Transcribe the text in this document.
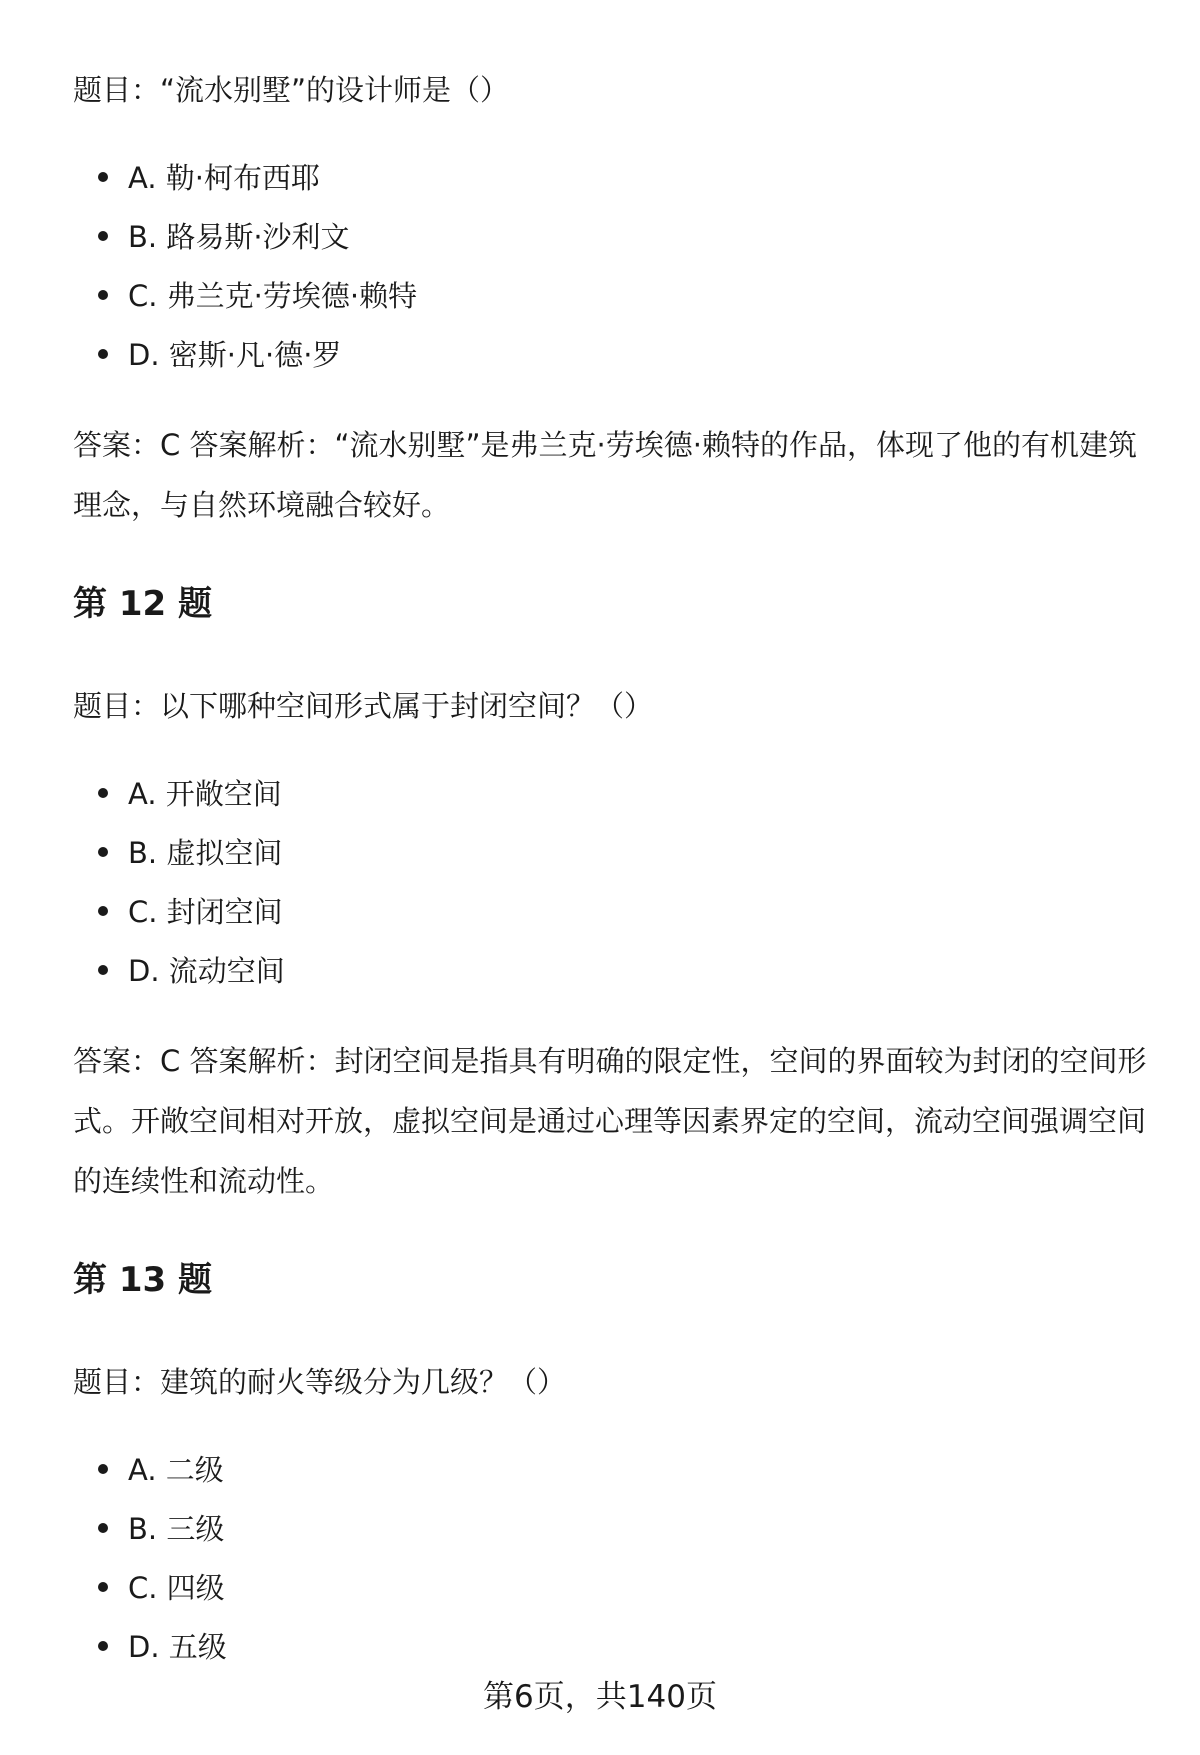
题目：“流水别墅”的设计师是（）
A. 勒·柯布西耶
B. 路易斯·沙利文
C. 弗兰克·劳埃德·赖特
D. 密斯·凡·德·罗
答案：C 答案解析：“流水别墅”是弗兰克·劳埃德·赖特的作品，体现了他的有机建筑理念，与自然环境融合较好。
第 12 题
题目：以下哪种空间形式属于封闭空间？（）
A. 开敞空间
B. 虚拟空间
C. 封闭空间
D. 流动空间
答案：C 答案解析：封闭空间是指具有明确的限定性，空间的界面较为封闭的空间形式。开敞空间相对开放，虚拟空间是通过心理等因素界定的空间，流动空间强调空间的连续性和流动性。
第 13 题
题目：建筑的耐火等级分为几级？（）
A. 二级
B. 三级
C. 四级
D. 五级
第6页，共140页
